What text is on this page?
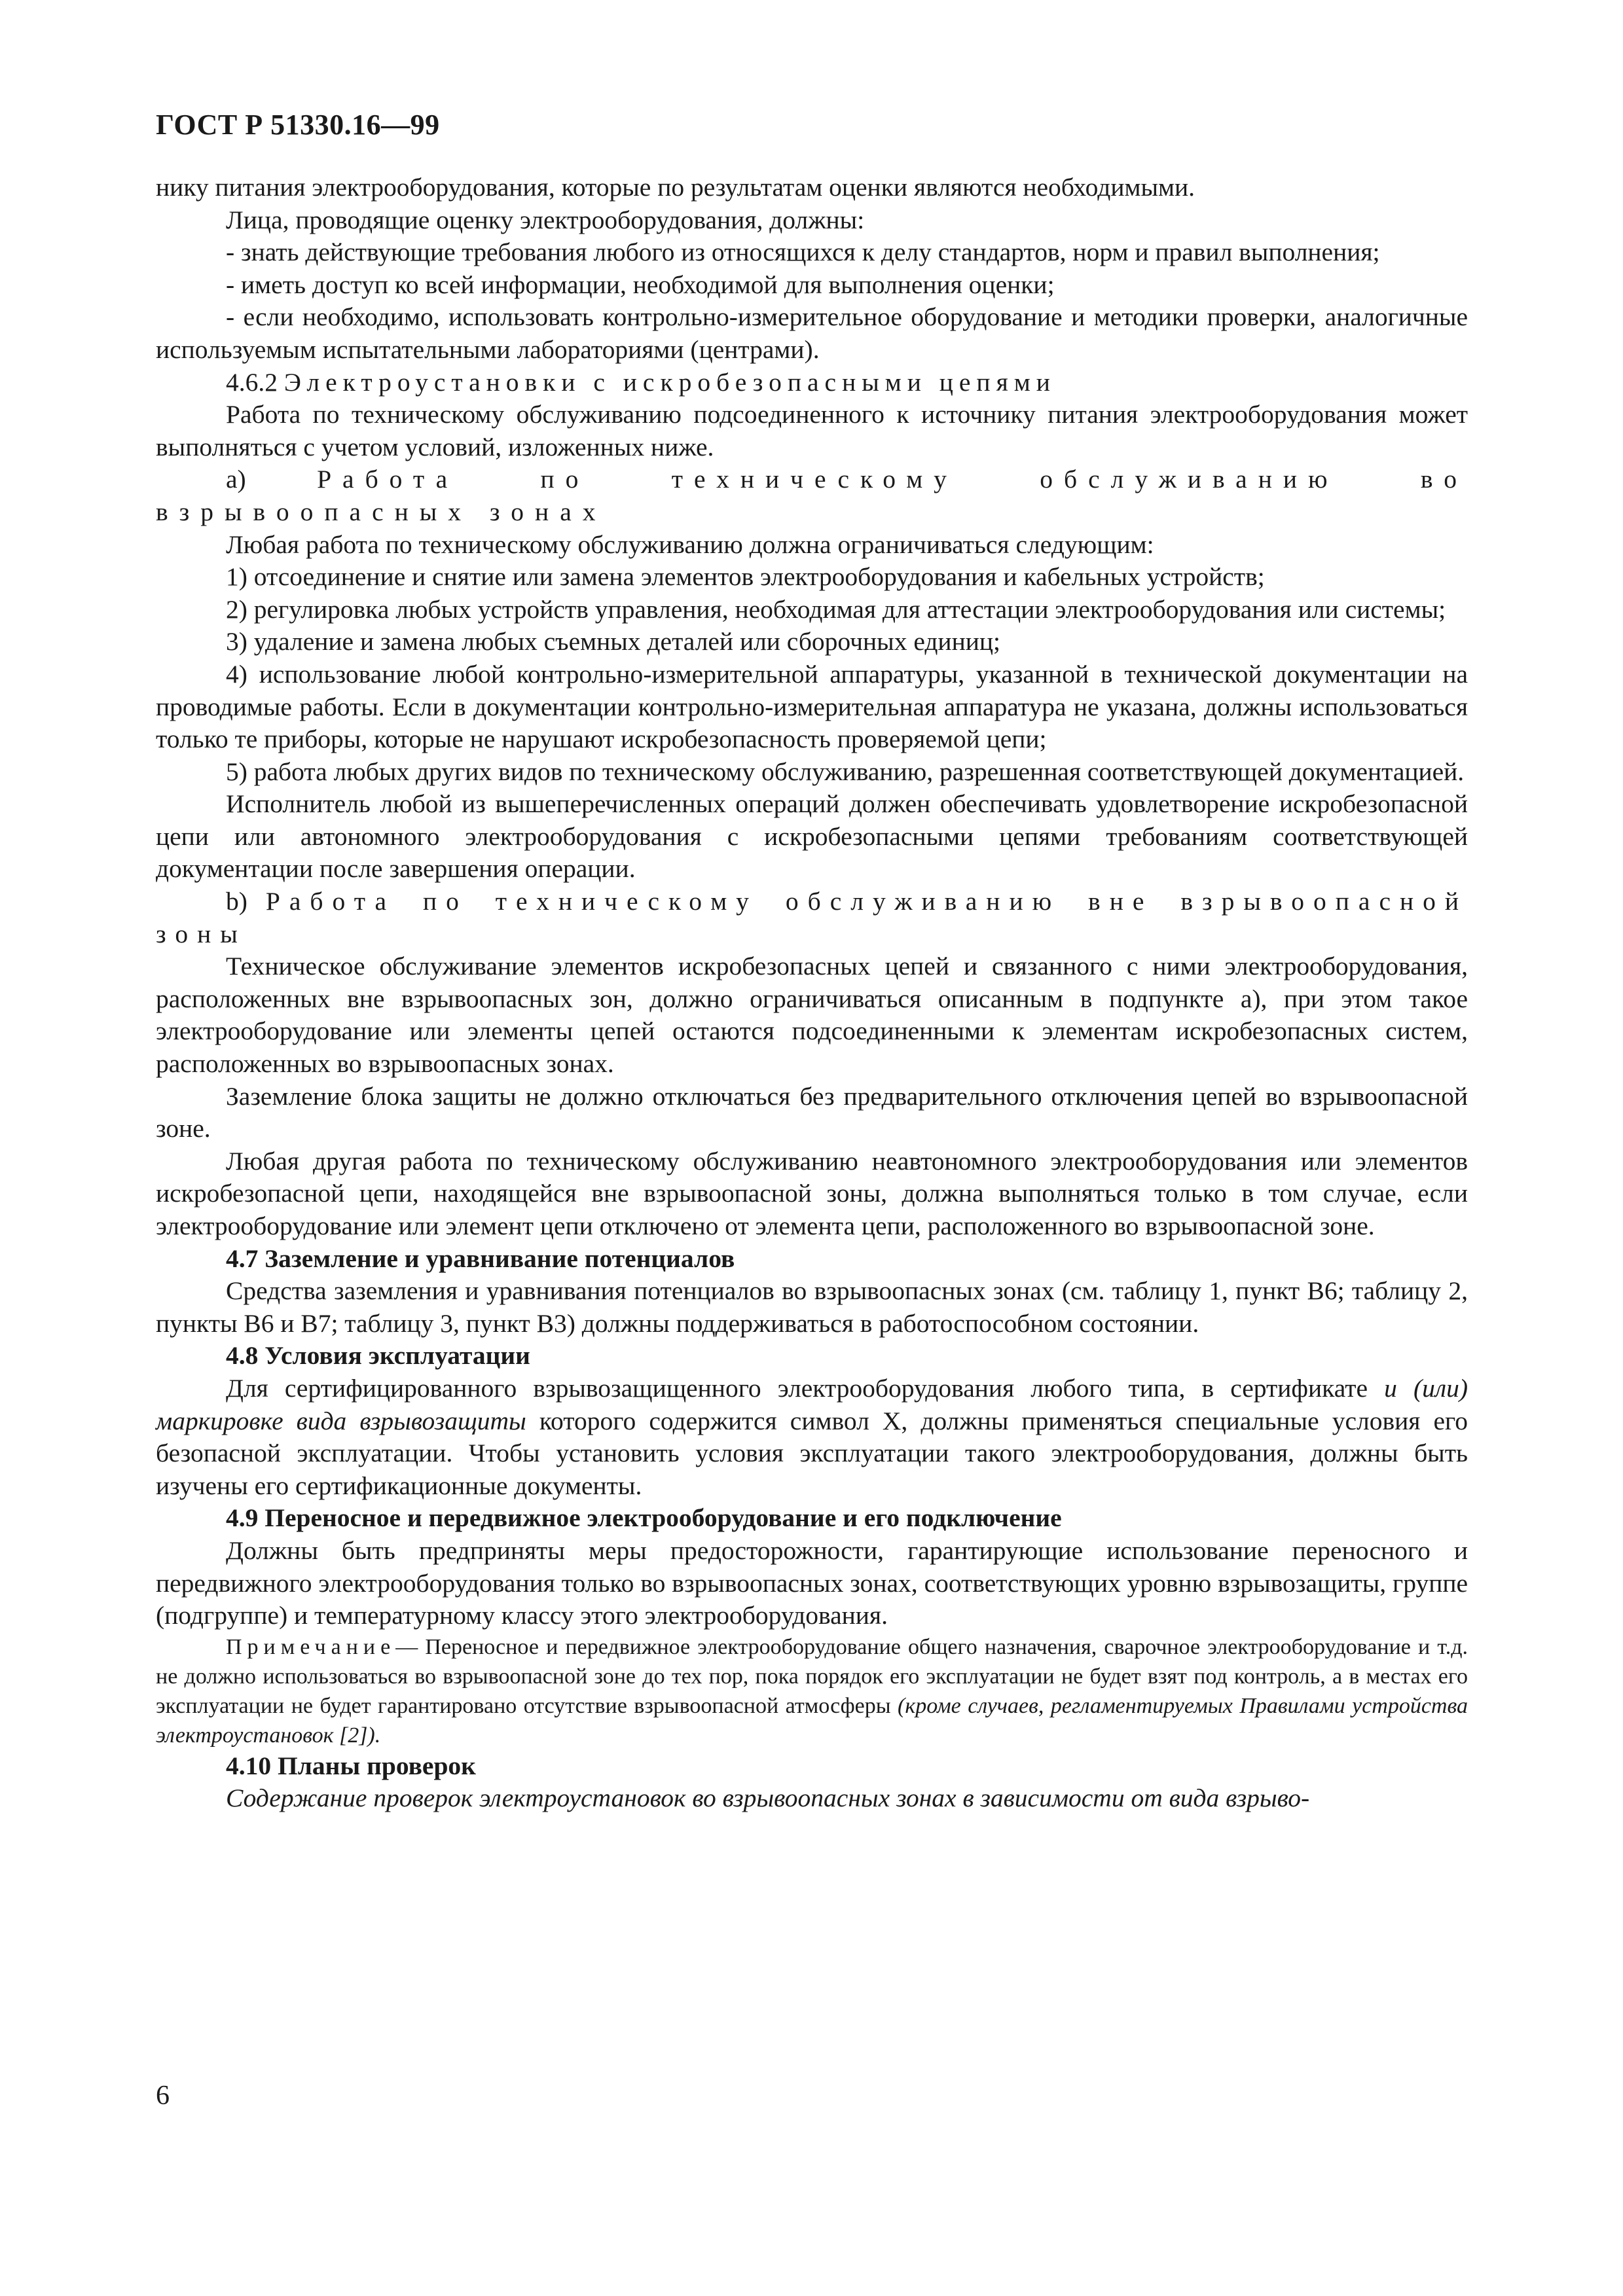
ГОСТ Р 51330.16—99

нику питания электрооборудования, которые по результатам оценки являются необходимыми.

Лица, проводящие оценку электрооборудования, должны:

- знать действующие требования любого из относящихся к делу стандартов, норм и правил выполнения;

- иметь доступ ко всей информации, необходимой для выполнения оценки;

- если необходимо, использовать контрольно-измерительное оборудование и методики проверки, аналогичные используемым испытательными лабораториями (центрами).

4.6.2 Электроустановки с искробезопасными цепями

Работа по техническому обслуживанию подсоединенного к источнику питания электрооборудования может выполняться с учетом условий, изложенных ниже.

а)	Работа по техническому обслуживанию во взрывоопасных зонах

Любая работа по техническому обслуживанию должна ограничиваться следующим:

1) отсоединение и снятие или замена элементов электрооборудования и кабельных устройств;

2) регулировка любых устройств управления, необходимая для аттестации электрооборудования или системы;

3) удаление и замена любых съемных деталей или сборочных единиц;

4) использование любой контрольно-измерительной аппаратуры, указанной в технической документации на проводимые работы. Если в документации контрольно-измерительная аппаратура не указана, должны использоваться только те приборы, которые не нарушают искробезопасность проверяемой цепи;

5) работа любых других видов по техническому обслуживанию, разрешенная соответствующей документацией.

Исполнитель любой из вышеперечисленных операций должен обеспечивать удовлетворение искробезопасной цепи или автономного электрооборудования с искробезопасными цепями требованиям соответствующей документации после завершения операции.

b) Работа по техническому обслуживанию вне взрывоопасной зоны

Техническое обслуживание элементов искробезопасных цепей и связанного с ними электрооборудования, расположенных вне взрывоопасных зон, должно ограничиваться описанным в подпункте а), при этом такое электрооборудование или элементы цепей остаются подсоединенными к элементам искробезопасных систем, расположенных во взрывоопасных зонах.

Заземление блока защиты не должно отключаться без предварительного отключения цепей во взрывоопасной зоне.

Любая другая работа по техническому обслуживанию неавтономного электрооборудования или элементов искробезопасной цепи, находящейся вне взрывоопасной зоны, должна выполняться только в том случае, если электрооборудование или элемент цепи отключено от элемента цепи, расположенного во взрывоопасной зоне.

4.7 Заземление и уравнивание потенциалов

Средства заземления и уравнивания потенциалов во взрывоопасных зонах (см. таблицу 1, пункт В6; таблицу 2, пункты В6 и В7; таблицу 3, пункт В3) должны поддерживаться в работоспособном состоянии.

4.8 Условия эксплуатации

Для сертифицированного взрывозащищенного электрооборудования любого типа, в сертификате и (или) маркировке вида взрывозащиты которого содержится символ X, должны применяться специальные условия его безопасной эксплуатации. Чтобы установить условия эксплуатации такого электрооборудования, должны быть изучены его сертификационные документы.

4.9 Переносное и передвижное электрооборудование и его подключение

Должны быть предприняты меры предосторожности, гарантирующие использование переносного и передвижного электрооборудования только во взрывоопасных зонах, соответствующих уровню взрывозащиты, группе (подгруппе) и температурному классу этого электрооборудования.

Примечание— Переносное и передвижное электрооборудование общего назначения, сварочное электрооборудование и т.д. не должно использоваться во взрывоопасной зоне до тех пор, пока порядок его эксплуатации не будет взят под контроль, а в местах его эксплуатации не будет гарантировано отсутствие взрывоопасной атмосферы (кроме случаев, регламентируемых Правилами устройства электроустановок [2]).

4.10 Планы проверок

Содержание проверок электроустановок во взрывоопасных зонах в зависимости от вида взрыво-

6
